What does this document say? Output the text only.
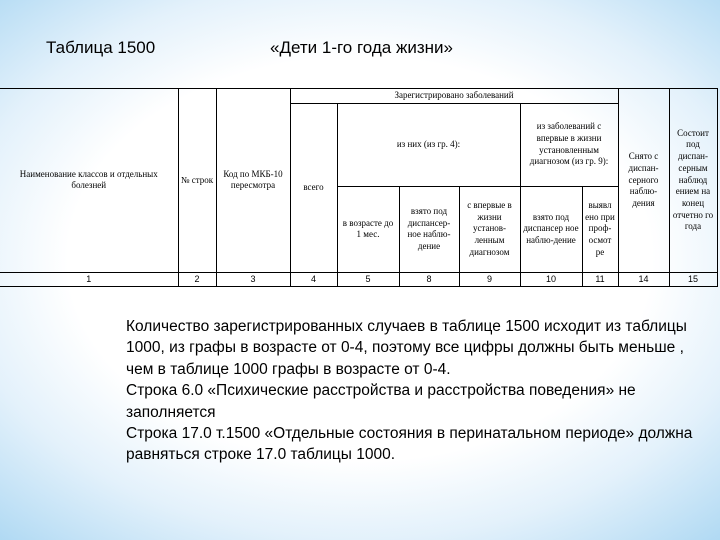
Таблица 1500	«Дети 1-го года жизни»
Наименование классов и отдельных болезней	№ строк	Код по МКБ-10 пересмотра	Зарегистрировано заболеваний						Снято с диспан-серного наблю-дения	Состоит под диспан-серным наблюд ением на конец отчетно го года
			всего	из них (из гр. 4):			из заболеваний с впервые в жизни установленным диагнозом (из гр. 9):			
				в возрасте до 1 мес.	взято под диспансер-ное наблю-дение	с впервые в жизни установ-ленным диагнозом	взято под диспансер ное наблю-дение	выявл ено при проф-осмот ре		
1	2	3	4	5	8	9	10	11	14	15

Количество зарегистрированных случаев в таблице 1500 исходит из таблицы 1000, из графы в возрасте от 0-4, поэтому все цифры должны быть меньше , чем в таблице 1000 графы в возрасте от 0-4.

Строка 6.0 «Психические расстройства и расстройства поведения» не заполняется

Строка 17.0 т.1500 «Отдельные состояния в перинатальном периоде» должна равняться строке 17.0 таблицы 1000.
